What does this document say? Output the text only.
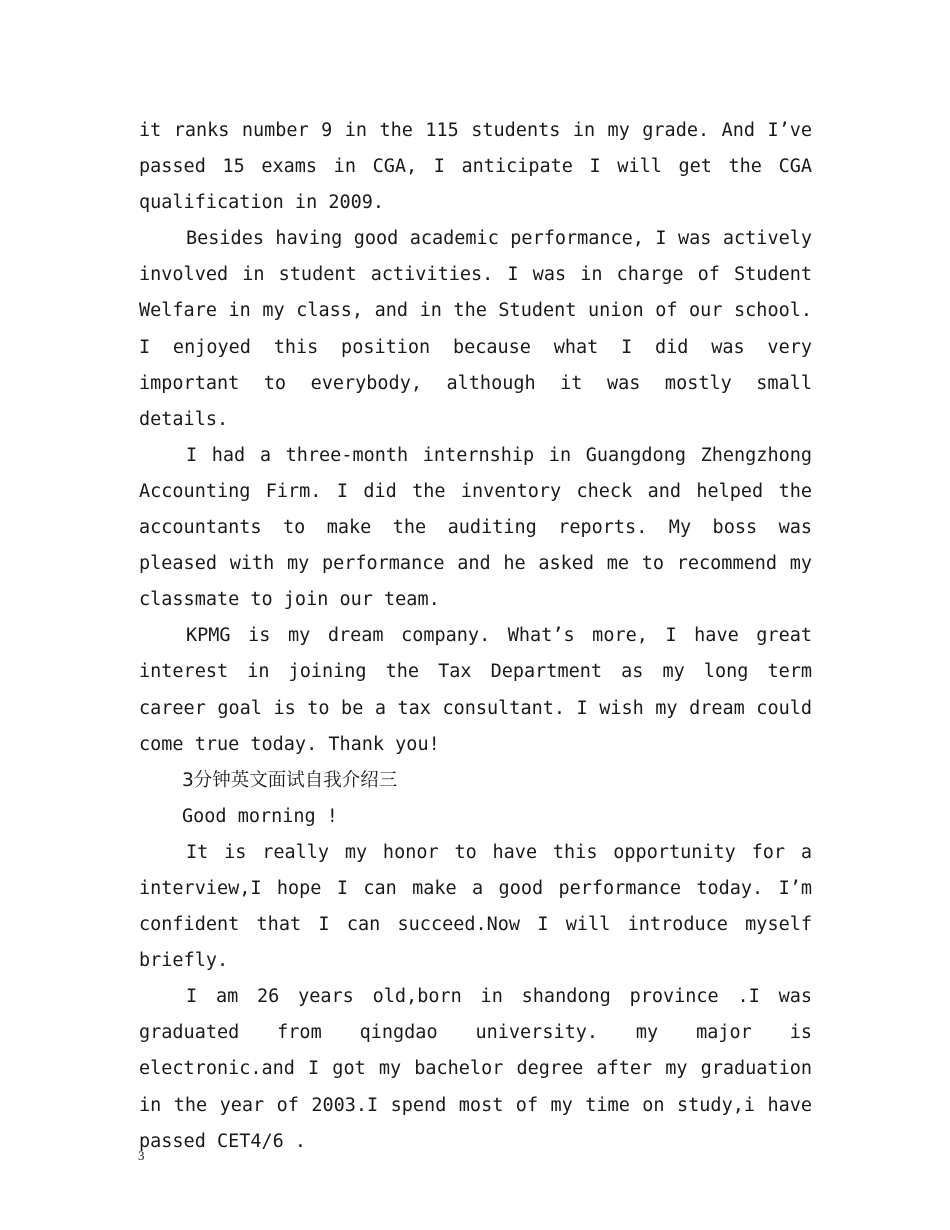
it ranks number 9 in the 115 students in my grade. And I’ve passed 15 exams in CGA, I anticipate I will get the CGA qualification in 2009.

Besides having good academic performance, I was actively involved in student activities. I was in charge of Student Welfare in my class, and in the Student union of our school. I enjoyed this position because what I did was very important to everybody, although it was mostly small details.

I had a three-month internship in Guangdong Zhengzhong Accounting Firm. I did the inventory check and helped the accountants to make the auditing reports. My boss was pleased with my performance and he asked me to recommend my classmate to join our team.

KPMG is my dream company. What’s more, I have great interest in joining the Tax Department as my long term career goal is to be a tax consultant. I wish my dream could come true today. Thank you!

3分钟英文面试自我介绍三

Good morning !

It is really my honor to have this opportunity for a interview,I hope I can make a good performance today. I’m confident that I can succeed.Now I will introduce myself briefly.

I am 26 years old,born in shandong province .I was graduated from qingdao university. my major is electronic.and I got my bachelor degree after my graduation in the year of 2003.I spend most of my time on study,i have passed CET4/6 .

3
